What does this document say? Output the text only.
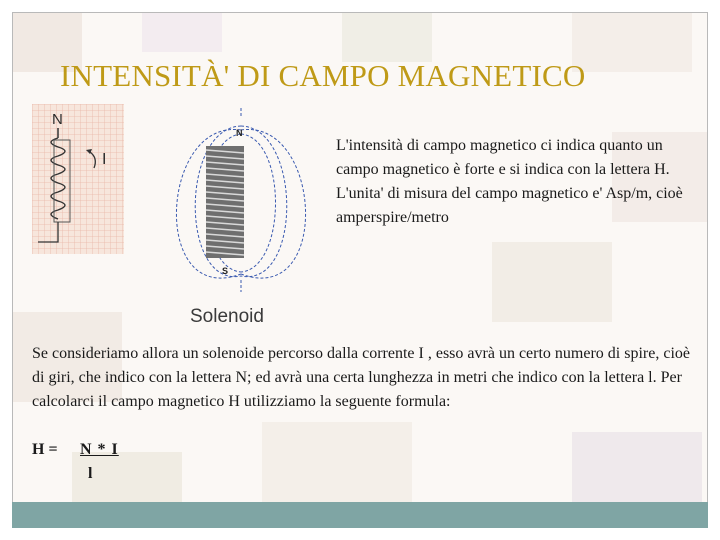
INTENSITÀ' DI CAMPO MAGNETICO
N
I
N
S
Solenoid

L'intensità di campo magnetico ci indica quanto un campo magnetico è forte e si indica con la lettera H. L'unita' di misura del campo magnetico e' Asp/m, cioè amperspire/metro

Se consideriamo allora un solenoide percorso dalla corrente I , esso avrà un certo numero di spire, cioè di giri, che indico con la lettera N; ed avrà una certa lunghezza in metri che indico con la lettera l. Per calcolarci il campo magnetico H utilizziamo la seguente formula:

H = N * I
l
